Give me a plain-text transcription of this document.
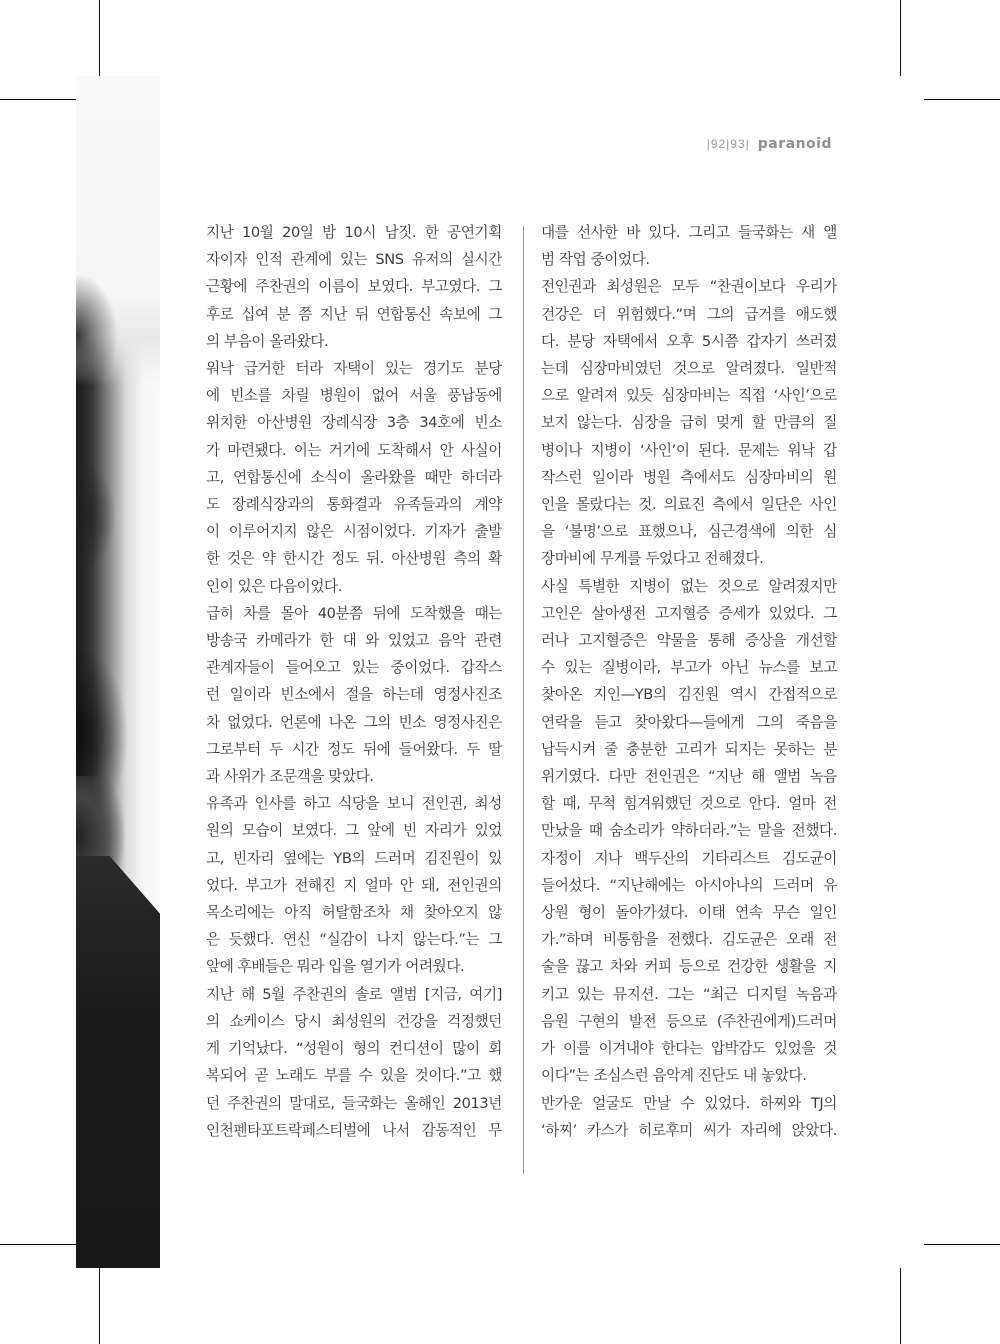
|92|93| paranoid
지난 10월 20일 밤 10시 남짓. 한 공연기획
자이자 인적 관계에 있는 SNS 유저의 실시간
근황에 주찬권의 이름이 보였다. 부고였다. 그
후로 십여 분 쯤 지난 뒤 연합통신 속보에 그
의 부음이 올라왔다.
워낙 급거한 터라 자택이 있는 경기도 분당
에 빈소를 차릴 병원이 없어 서울 풍납동에
위치한 아산병원 장례식장 3층 34호에 빈소
가 마련됐다. 이는 거기에 도착해서 안 사실이
고, 연합통신에 소식이 올라왔을 때만 하더라
도 장례식장과의 통화결과 유족들과의 계약
이 이루어지지 않은 시점이었다. 기자가 출발
한 것은 약 한시간 정도 뒤. 아산병원 측의 확
인이 있은 다음이었다.
급히 차를 몰아 40분쯤 뒤에 도착했을 때는
방송국 카메라가 한 대 와 있었고 음악 관련
관계자들이 들어오고 있는 중이었다. 갑작스
런 일이라 빈소에서 절을 하는데 영정사진조
차 없었다. 언론에 나온 그의 빈소 영정사진은
그로부터 두 시간 정도 뒤에 들어왔다. 두 딸
과 사위가 조문객을 맞았다.
유족과 인사를 하고 식당을 보니 전인권, 최성
원의 모습이 보였다. 그 앞에 빈 자리가 있었
고, 빈자리 옆에는 YB의 드러머 김진원이 있
었다. 부고가 전해진 지 얼마 안 돼, 전인권의
목소리에는 아직 허탈함조차 채 찾아오지 않
은 듯했다. 연신 “실감이 나지 않는다.”는 그
앞에 후배들은 뭐라 입을 열기가 어려웠다.
지난 해 5월 주찬권의 솔로 앨범 [지금, 여기]
의 쇼케이스 당시 최성원의 건강을 걱정했던
게 기억났다. “성원이 형의 컨디션이 많이 회
복되어 곧 노래도 부를 수 있을 것이다.”고 했
던 주찬권의 말대로, 들국화는 올해인 2013년
인천펜타포트락페스티벌에 나서 감동적인 무
대를 선사한 바 있다. 그리고 들국화는 새 앨
범 작업 중이었다.
전인권과 최성원은 모두 “찬권이보다 우리가
건강은 더 위험했다.”며 그의 급거를 애도했
다. 분당 자택에서 오후 5시쯤 갑자기 쓰러졌
는데 심장마비였던 것으로 알려졌다. 일반적
으로 알려져 있듯 심장마비는 직접 ‘사인’으로
보지 않는다. 심장을 급히 멎게 할 만큼의 질
병이나 지병이 ‘사인’이 된다. 문제는 워낙 갑
작스런 일이라 병원 측에서도 심장마비의 원
인을 몰랐다는 것. 의료진 측에서 일단은 사인
을 ‘불명’으로 표했으나, 심근경색에 의한 심
장마비에 무게를 두었다고 전해졌다.
사실 특별한 지병이 없는 것으로 알려졌지만
고인은 살아생전 고지혈증 증세가 있었다. 그
러나 고지혈증은 약물을 통해 증상을 개선할
수 있는 질병이라, 부고가 아닌 뉴스를 보고
찾아온 지인—YB의 김진원 역시 간접적으로
연락을 듣고 찾아왔다—들에게 그의 죽음을
납득시켜 줄 충분한 고리가 되지는 못하는 분
위기였다. 다만 전인권은 “지난 해 앨범 녹음
할 때, 무척 힘겨워했던 것으로 안다. 얼마 전
만났을 때 숨소리가 약하더라.”는 말을 전했다.
자정이 지나 백두산의 기타리스트 김도균이
들어섰다. “지난해에는 아시아나의 드러머 유
상원 형이 돌아가셨다. 이태 연속 무슨 일인
가.”하며 비통함을 전했다. 김도균은 오래 전
술을 끊고 차와 커피 등으로 건강한 생활을 지
키고 있는 뮤지션. 그는 “최근 디지털 녹음과
음원 구현의 발전 등으로 (주찬권에게)드러머
가 이를 이겨내야 한다는 압박감도 있었을 것
이다”는 조심스런 음악계 진단도 내 놓았다.
반가운 얼굴도 만날 수 있었다. 하찌와 TJ의
‘하찌’ 카스가 히로후미 씨가 자리에 앉았다.
